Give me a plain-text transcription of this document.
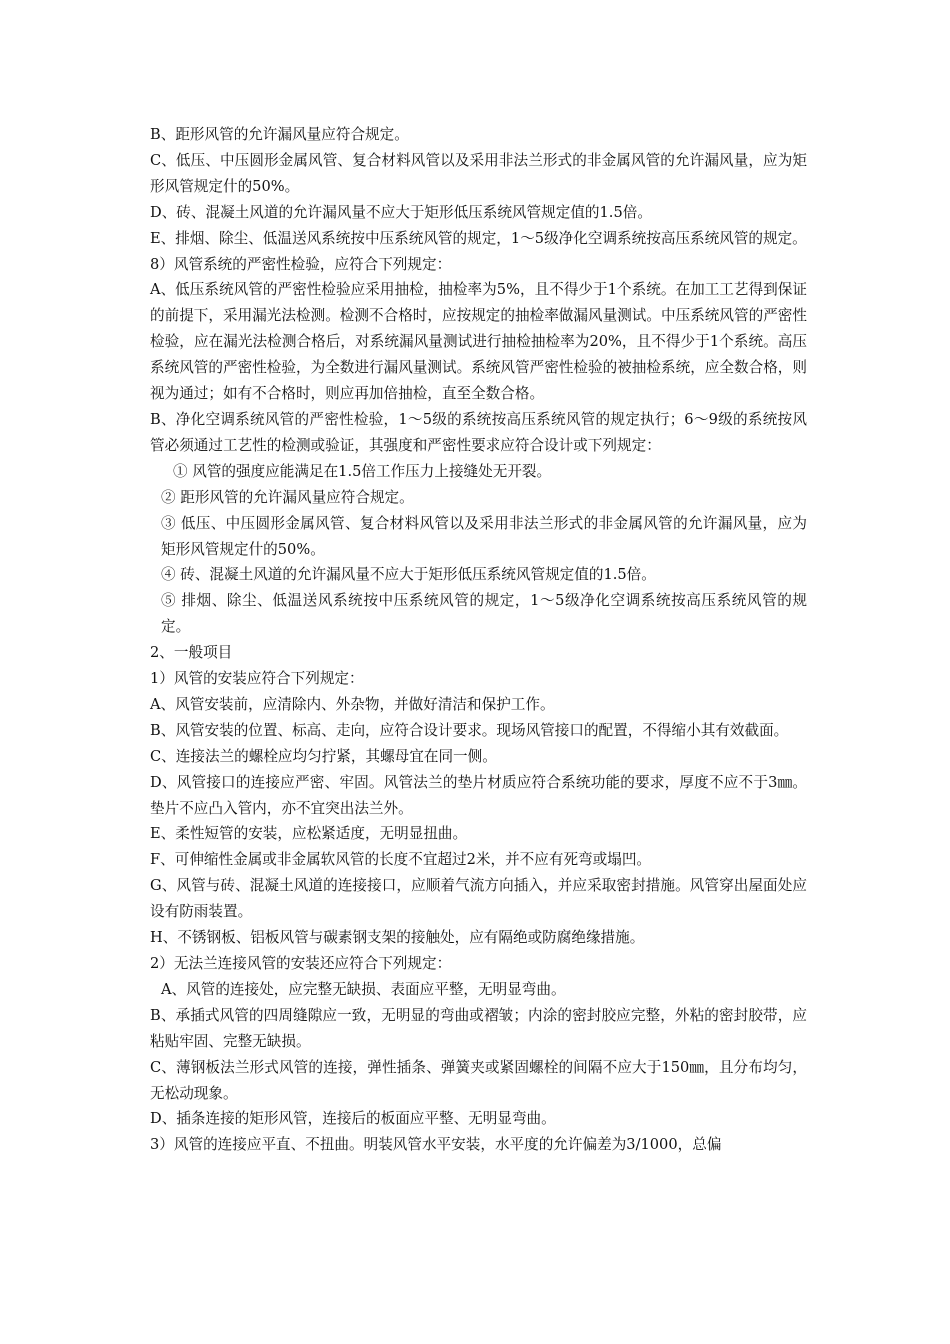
B、距形风管的允许漏风量应符合规定。

C、低压、中压圆形金属风管、复合材料风管以及采用非法兰形式的非金属风管的允许漏风量，应为矩形风管规定什的50%。

D、砖、混凝土风道的允许漏风量不应大于矩形低压系统风管规定值的1.5倍。

E、排烟、除尘、低温送风系统按中压系统风管的规定，1～5级净化空调系统按高压系统风管的规定。

8）风管系统的严密性检验，应符合下列规定：

A、低压系统风管的严密性检验应采用抽检，抽检率为5%，且不得少于1个系统。在加工工艺得到保证的前提下，采用漏光法检测。检测不合格时，应按规定的抽检率做漏风量测试。中压系统风管的严密性检验，应在漏光法检测合格后，对系统漏风量测试进行抽检抽检率为20%，且不得少于1个系统。高压系统风管的严密性检验，为全数进行漏风量测试。系统风管严密性检验的被抽检系统，应全数合格，则视为通过；如有不合格时，则应再加倍抽检，直至全数合格。

B、净化空调系统风管的严密性检验，1～5级的系统按高压系统风管的规定执行；6～9级的系统按风管必须通过工艺性的检测或验证，其强度和严密性要求应符合设计或下列规定：

① 风管的强度应能满足在1.5倍工作压力上接缝处无开裂。

② 距形风管的允许漏风量应符合规定。

③ 低压、中压圆形金属风管、复合材料风管以及采用非法兰形式的非金属风管的允许漏风量，应为矩形风管规定什的50%。

④ 砖、混凝土风道的允许漏风量不应大于矩形低压系统风管规定值的1.5倍。

⑤ 排烟、除尘、低温送风系统按中压系统风管的规定，1～5级净化空调系统按高压系统风管的规定。

2、一般项目

1）风管的安装应符合下列规定：

A、风管安装前，应清除内、外杂物，并做好清洁和保护工作。

B、风管安装的位置、标高、走向，应符合设计要求。现场风管接口的配置，不得缩小其有效截面。

C、连接法兰的螺栓应均匀拧紧，其螺母宜在同一侧。

D、风管接口的连接应严密、牢固。风管法兰的垫片材质应符合系统功能的要求，厚度不应不于3㎜。垫片不应凸入管内，亦不宜突出法兰外。

E、柔性短管的安装，应松紧适度，无明显扭曲。

F、可伸缩性金属或非金属软风管的长度不宜超过2米，并不应有死弯或塌凹。

G、风管与砖、混凝土风道的连接接口，应顺着气流方向插入，并应采取密封措施。风管穿出屋面处应设有防雨装置。

H、不锈钢板、铝板风管与碳素钢支架的接触处，应有隔绝或防腐绝缘措施。

2）无法兰连接风管的安装还应符合下列规定：

A、风管的连接处，应完整无缺损、表面应平整，无明显弯曲。

B、承插式风管的四周缝隙应一致，无明显的弯曲或褶皱；内涂的密封胶应完整，外粘的密封胶带，应粘贴牢固、完整无缺损。

C、薄钢板法兰形式风管的连接，弹性插条、弹簧夹或紧固螺栓的间隔不应大于150㎜，且分布均匀，无松动现象。

D、插条连接的矩形风管，连接后的板面应平整、无明显弯曲。

3）风管的连接应平直、不扭曲。明装风管水平安装，水平度的允许偏差为3/1000，总偏
